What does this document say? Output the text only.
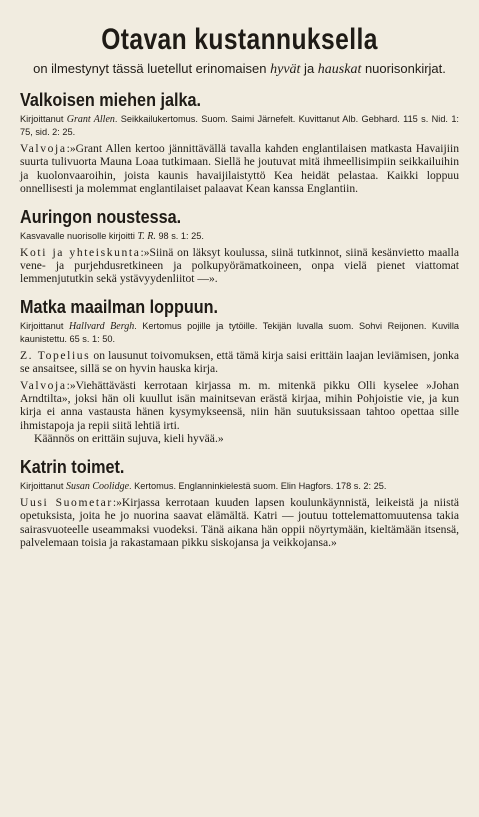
Otavan kustannuksella

on ilmestynyt tässä luetellut erinomaisen hyvät ja hauskat nuorisonkirjat.

Valkoisen miehen jalka.

Kirjoittanut Grant Allen. Seikkailukertomus. Suom. Saimi Järnefelt. Kuvittanut Alb. Gebhard. 115 s. Nid. 1: 75, sid. 2: 25.

Valvoja:»Grant Allen kertoo jännittävällä tavalla kahden englantilaisen matkasta Havaijiin suurta tulivuorta Mauna Loaa tutkimaan. Siellä he joutuvat mitä ihmeellisimpiin seikkailuihin ja kuolonvaaroihin, joista kaunis havaijilaistyttö Kea heidät pelastaa. Kaikki loppuu onnellisesti ja molemmat englantilaiset palaavat Kean kanssa Englantiin.

Auringon noustessa.

Kasvavalle nuorisolle kirjoitti T. R. 98 s. 1: 25.

Koti ja yhteiskunta:»Siinä on läksyt koulussa, siinä tutkinnot, siinä kesänvietto maalla vene- ja purjehdusretkineen ja polkupyörämatkoineen, onpa vielä pienet viattomat lemmenjututkin sekä ystävyydenliitot —».

Matka maailman loppuun.

Kirjoittanut Hallvard Bergh. Kertomus pojille ja tytöille. Tekijän luvalla suom. Sohvi Reijonen. Kuvilla kaunistettu. 65 s. 1: 50.

Z. Topelius on lausunut toivomuksen, että tämä kirja saisi erittäin laajan leviämisen, jonka se ansaitsee, sillä se on hyvin hauska kirja.

Valvoja:»Viehättävästi kerrotaan kirjassa m. m. mitenkä pikku Olli kyselee »Johan Arndtilta», joksi hän oli kuullut isän mainitsevan erästä kirjaa, mihin Pohjoistie vie, ja kun kirja ei anna vastausta hänen kysymykseensä, niin hän suutuksissaan tahtoo opettaa sille ihmistapoja ja repii siitä lehtiä irti.
Käännös on erittäin sujuva, kieli hyvää.»

Katrin toimet.

Kirjoittanut Susan Coolidge. Kertomus. Englanninkielestä suom. Elin Hagfors. 178 s. 2: 25.

Uusi Suometar:»Kirjassa kerrotaan kuuden lapsen koulunkäynnistä, leikeistä ja niistä opetuksista, joita he jo nuorina saavat elämältä. Katri — joutuu tottelemattomuutensa takia sairasvuoteelle useammaksi vuodeksi. Tänä aikana hän oppii nöyrtymään, kieltämään itsensä, palvelemaan toisia ja rakastamaan pikku siskojansa ja veikkojansa.»
